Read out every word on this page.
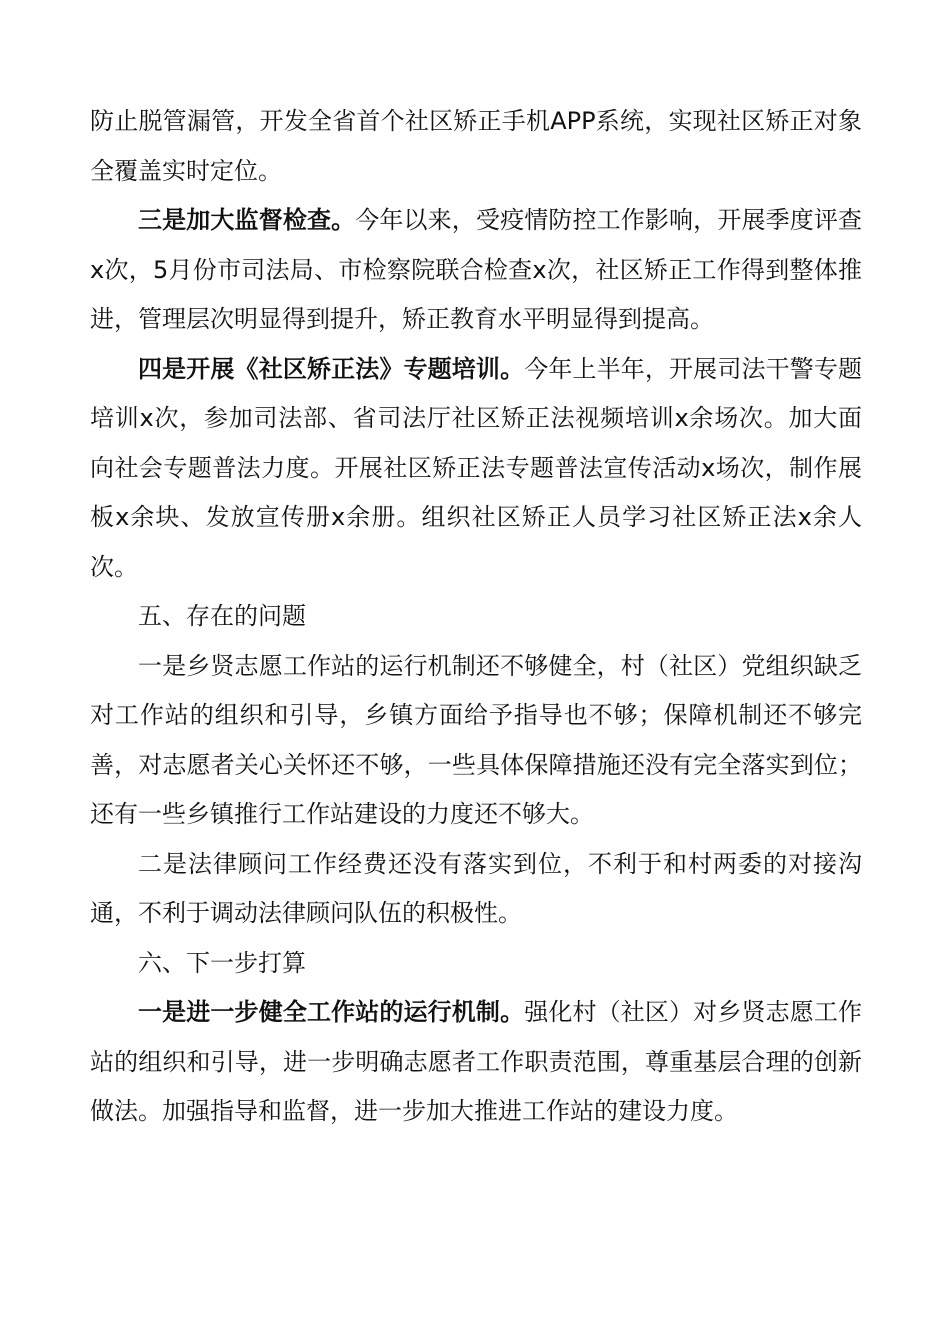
防止脱管漏管，开发全省首个社区矫正手机APP系统，实现社区矫正对象全覆盖实时定位。

三是加大监督检查。今年以来，受疫情防控工作影响，开展季度评查x次，5月份市司法局、市检察院联合检查x次，社区矫正工作得到整体推进，管理层次明显得到提升，矫正教育水平明显得到提高。

四是开展《社区矫正法》专题培训。今年上半年，开展司法干警专题培训x次，参加司法部、省司法厅社区矫正法视频培训x余场次。加大面向社会专题普法力度。开展社区矫正法专题普法宣传活动x场次，制作展板x余块、发放宣传册x余册。组织社区矫正人员学习社区矫正法x余人次。

五、存在的问题

一是乡贤志愿工作站的运行机制还不够健全，村（社区）党组织缺乏对工作站的组织和引导，乡镇方面给予指导也不够；保障机制还不够完善，对志愿者关心关怀还不够，一些具体保障措施还没有完全落实到位；还有一些乡镇推行工作站建设的力度还不够大。

二是法律顾问工作经费还没有落实到位，不利于和村两委的对接沟通，不利于调动法律顾问队伍的积极性。

六、下一步打算

一是进一步健全工作站的运行机制。强化村（社区）对乡贤志愿工作站的组织和引导，进一步明确志愿者工作职责范围，尊重基层合理的创新做法。加强指导和监督，进一步加大推进工作站的建设力度。
